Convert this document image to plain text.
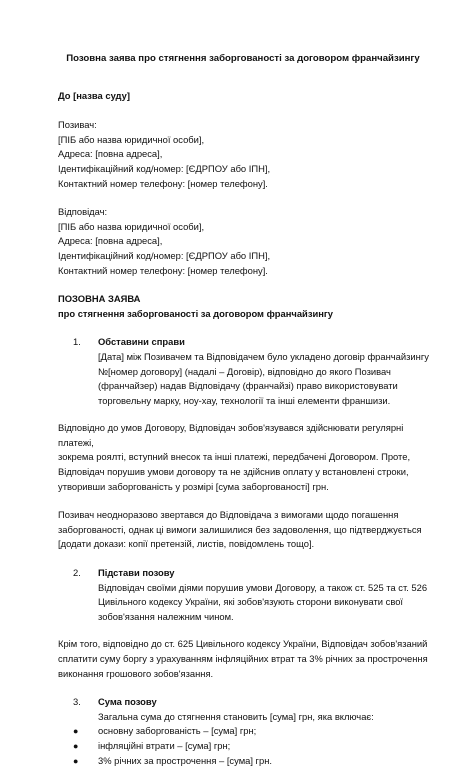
Позовна заява про стягнення заборгованості за договором франчайзингу
До [назва суду]
Позивач:
[ПІБ або назва юридичної особи],
Адреса: [повна адреса],
Ідентифікаційний код/номер: [ЄДРПОУ або ІПН],
Контактний номер телефону: [номер телефону].
Відповідач:
[ПІБ або назва юридичної особи],
Адреса: [повна адреса],
Ідентифікаційний код/номер: [ЄДРПОУ або ІПН],
Контактний номер телефону: [номер телефону].
ПОЗОВНА ЗАЯВА
про стягнення заборгованості за договором франчайзингу
1.	Обставини справи
[Дата] між Позивачем та Відповідачем було укладено договір франчайзингу
№[номер договору] (надалі – Договір), відповідно до якого Позивач
(франчайзер) надав Відповідачу (франчайзі) право використовувати
торговельну марку, ноу-хау, технології та інші елементи франшизи.
Відповідно до умов Договору, Відповідач зобов'язувався здійснювати регулярні платежі,
зокрема роялті, вступний внесок та інші платежі, передбачені Договором. Проте,
Відповідач порушив умови договору та не здійснив оплату у встановлені строки,
утворивши заборгованість у розмірі [сума заборгованості] грн.
Позивач неодноразово звертався до Відповідача з вимогами щодо погашення
заборгованості, однак ці вимоги залишилися без задоволення, що підтверджується
[додати докази: копії претензій, листів, повідомлень тощо].
2.	Підстави позову
Відповідач своїми діями порушив умови Договору, а також ст. 525 та ст. 526
Цивільного кодексу України, які зобов'язують сторони виконувати свої
зобов'язання належним чином.
Крім того, відповідно до ст. 625 Цивільного кодексу України, Відповідач зобов'язаний
сплатити суму боргу з урахуванням інфляційних втрат та 3% річних за прострочення
виконання грошового зобов'язання.
3.	Сума позову
Загальна сума до стягнення становить [сума] грн, яка включає:
●	основну заборгованість – [сума] грн;
●	інфляційні втрати – [сума] грн;
●	3% річних за прострочення – [сума] грн.
